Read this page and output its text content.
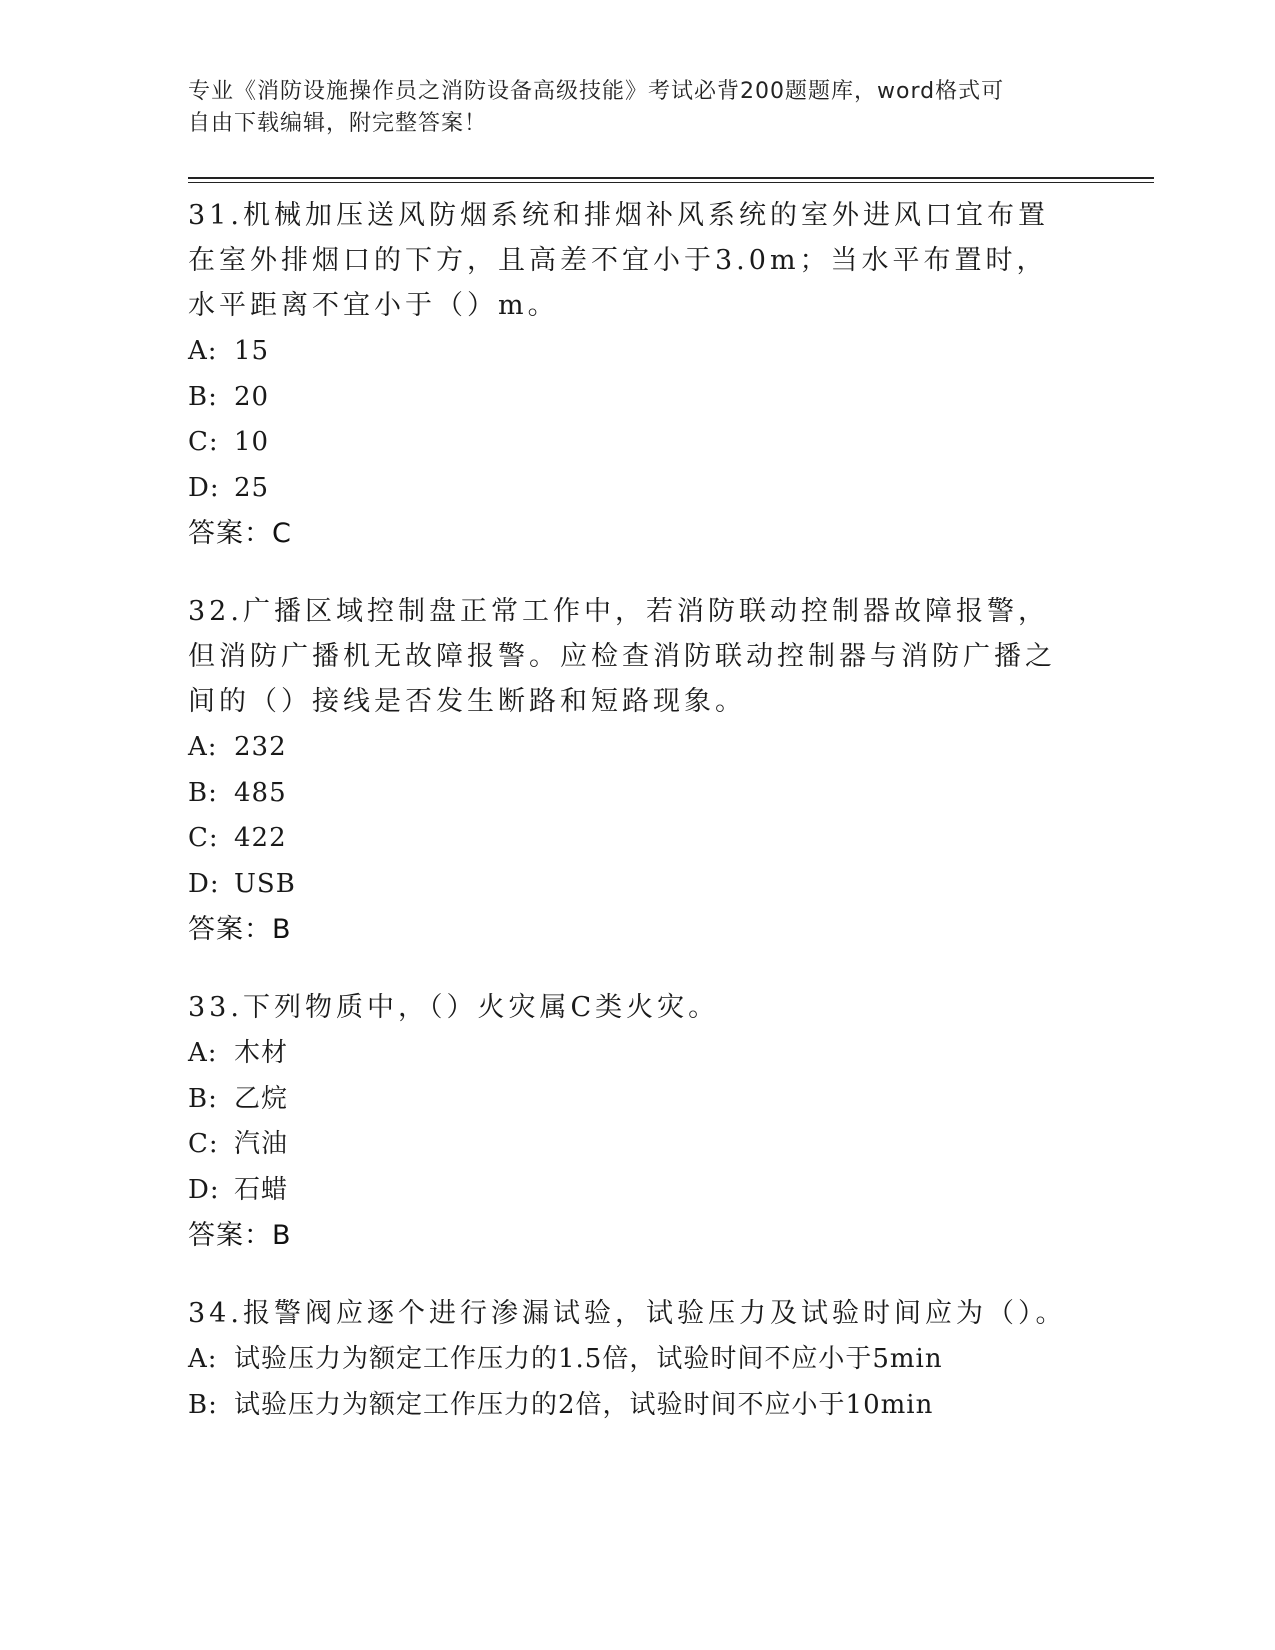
专业《消防设施操作员之消防设备高级技能》考试必背200题题库，word格式可
自由下载编辑，附完整答案！
31.机械加压送风防烟系统和排烟补风系统的室外进风口宜布置在室外排烟口的下方，且高差不宜小于3.0m；当水平布置时，水平距离不宜小于（）m。
A: 15
B: 20
C: 10
D: 25
答案：C
32.广播区域控制盘正常工作中，若消防联动控制器故障报警，但消防广播机无故障报警。应检查消防联动控制器与消防广播之间的（）接线是否发生断路和短路现象。
A: 232
B: 485
C: 422
D: USB
答案：B
33.下列物质中，（）火灾属C类火灾。
A: 木材
B: 乙烷
C: 汽油
D: 石蜡
答案：B
34.报警阀应逐个进行渗漏试验，试验压力及试验时间应为（）。
A: 试验压力为额定工作压力的1.5倍，试验时间不应小于5min
B: 试验压力为额定工作压力的2倍，试验时间不应小于10min
